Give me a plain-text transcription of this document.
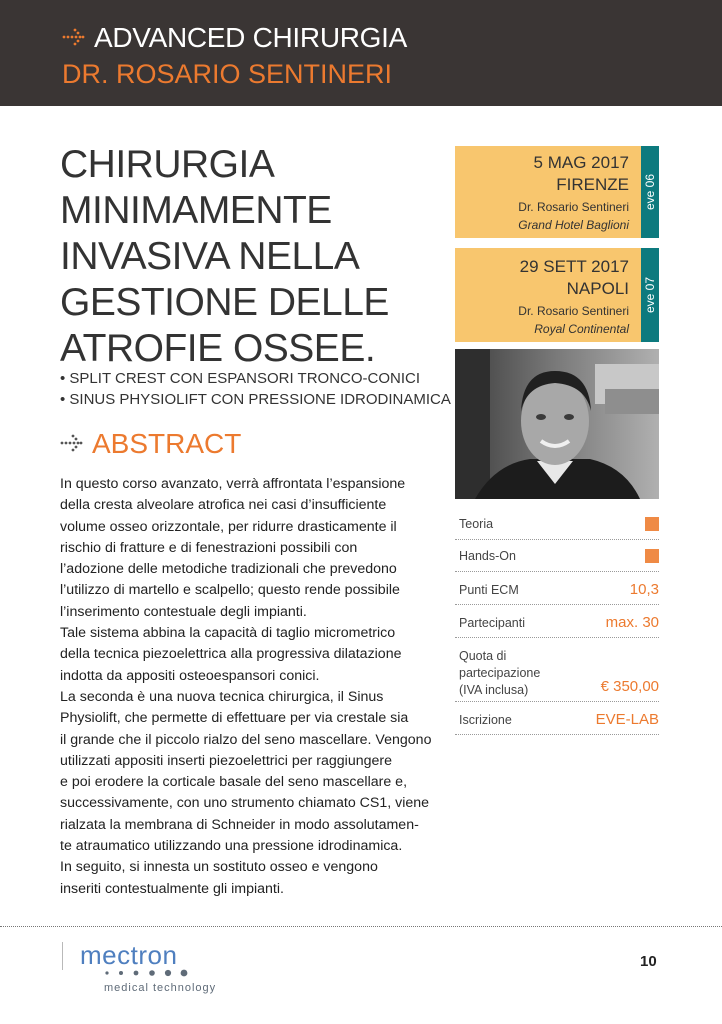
ADVANCED CHIRURGIA
DR. ROSARIO SENTINERI
CHIRURGIA
MINIMAMENTE
INVASIVA NELLA
GESTIONE DELLE
ATROFIE OSSEE.
• SPLIT CREST CON ESPANSORI TRONCO-CONICI
• SINUS PHYSIOLIFT CON PRESSIONE IDRODINAMICA
ABSTRACT

In questo corso avanzato, verrà affrontata l’espansione

della cresta alveolare atrofica nei casi d’insufficiente

volume osseo orizzontale, per ridurre drasticamente il

rischio di fratture e di fenestrazioni possibili con

l’adozione delle metodiche tradizionali che prevedono

l’utilizzo di martello e scalpello; questo rende possibile

l’inserimento contestuale degli impianti.

Tale sistema abbina la capacità di taglio micrometrico

della tecnica piezoelettrica alla progressiva dilatazione

indotta da appositi osteoespansori conici.

La seconda è una nuova tecnica chirurgica, il Sinus

Physiolift, che permette di effettuare per via crestale sia

il grande che il piccolo rialzo del seno mascellare. Vengono

utilizzati appositi inserti piezoelettrici per raggiungere

e poi erodere la corticale basale del seno mascellare e,

successivamente, con uno strumento chiamato CS1, viene

rialzata la membrana di Schneider in modo assolutamen-

te atraumatico utilizzando una pressione idrodinamica.

In seguito, si innesta un sostituto osseo e vengono

inseriti contestualmente gli impianti.

5 MAG 2017
FIRENZE
Dr. Rosario Sentineri
Grand Hotel Baglioni
eve 06
29 SETT 2017
NAPOLI
Dr. Rosario Sentineri
Royal Continental
eve 07
Teoria
Hands-On
Punti ECM	10,3
Partecipanti	max. 30
Quota di
partecipazione
(IVA inclusa)	€ 350,00
Iscrizione	EVE-LAB
mectron
medical technology
10
